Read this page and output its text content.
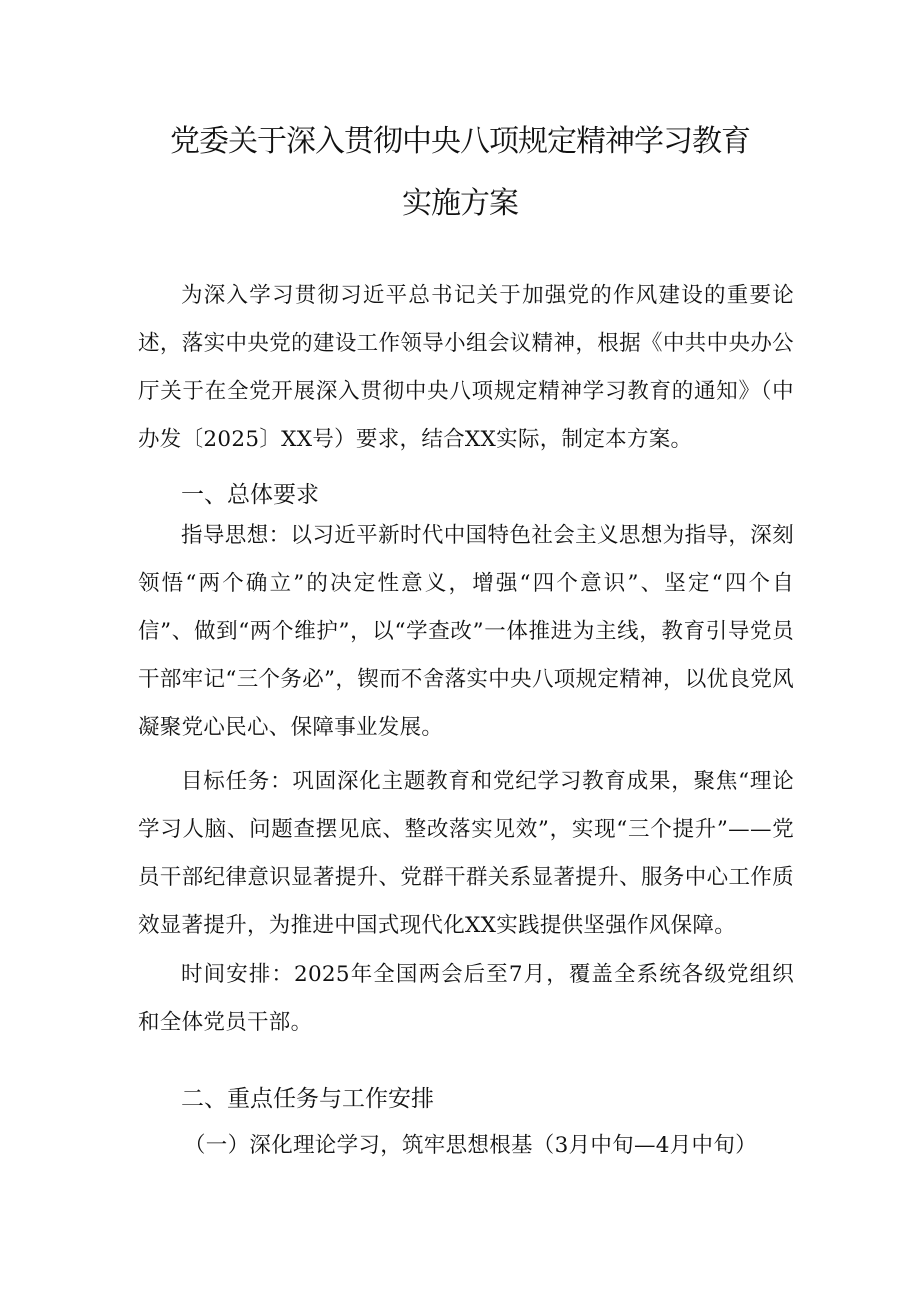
党委关于深入贯彻中央八项规定精神学习教育
实施方案

为深入学习贯彻习近平总书记关于加强党的作风建设的重要论述，落实中央党的建设工作领导小组会议精神，根据《中共中央办公厅关于在全党开展深入贯彻中央八项规定精神学习教育的通知》（中办发〔2025〕XX号）要求，结合XX实际，制定本方案。

一、总体要求

指导思想：以习近平新时代中国特色社会主义思想为指导，深刻领悟“两个确立”的决定性意义，增强“四个意识”、坚定“四个自信”、做到“两个维护”，以“学查改”一体推进为主线，教育引导党员干部牢记“三个务必”，锲而不舍落实中央八项规定精神，以优良党风凝聚党心民心、保障事业发展。

目标任务：巩固深化主题教育和党纪学习教育成果，聚焦“理论学习人脑、问题查摆见底、整改落实见效”，实现“三个提升”——党员干部纪律意识显著提升、党群干群关系显著提升、服务中心工作质效显著提升，为推进中国式现代化XX实践提供坚强作风保障。

时间安排：2025年全国两会后至7月，覆盖全系统各级党组织和全体党员干部。

二、重点任务与工作安排
（一）深化理论学习，筑牢思想根基（3月中旬—4月中旬）
